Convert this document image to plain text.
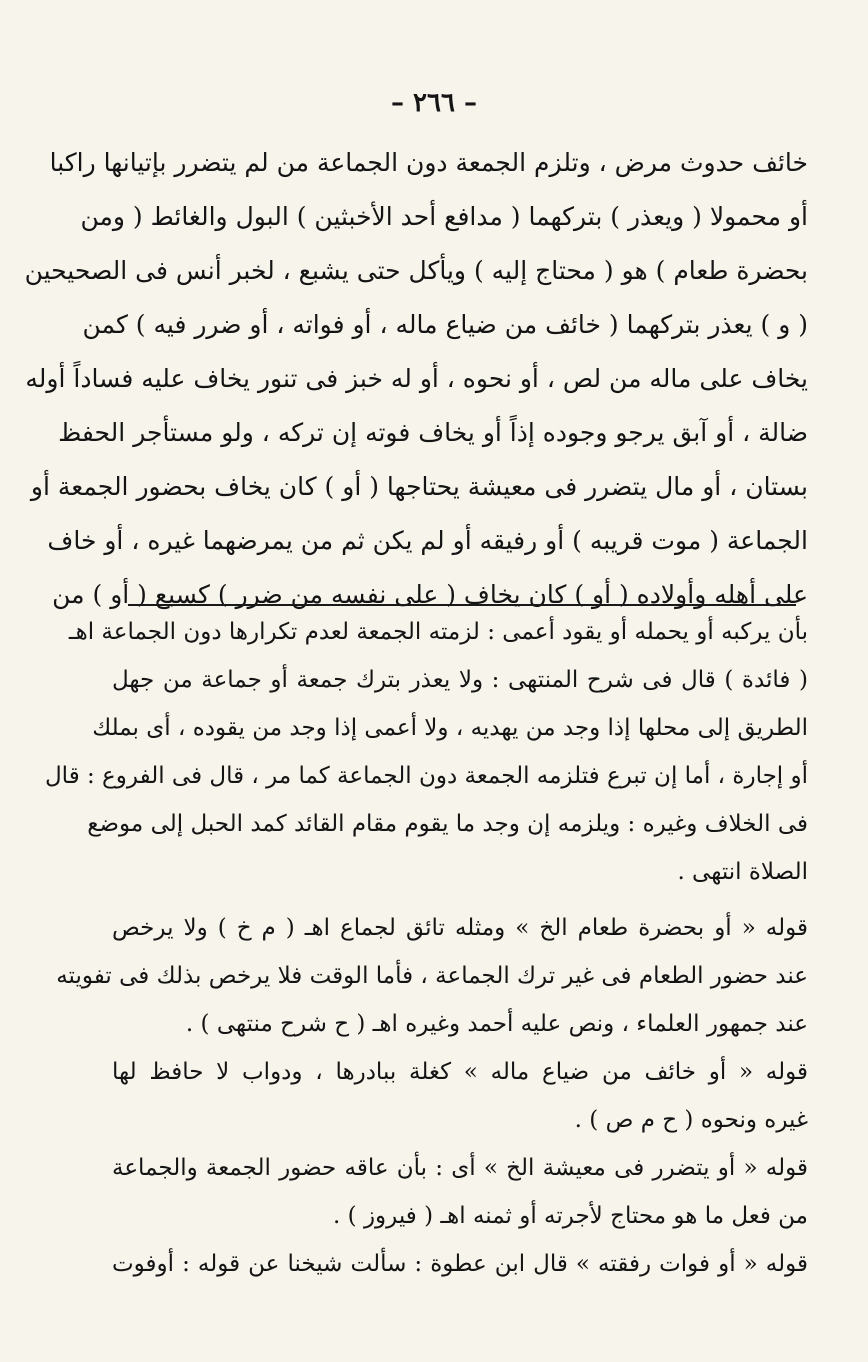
– ٢٦٦ –
خائف حدوث مرض ، وتلزم الجمعة دون الجماعة من لم يتضرر بإتيانها راكبا
أو محمولا ( ويعذر ) بتركهما ( مدافع أحد الأخبثين ) البول والغائط ( ومن
بحضرة طعام ) هو ( محتاج إليه ) ويأكل حتى يشبع ، لخبر أنس فى الصحيحين
( و ) يعذر بتركهما ( خائف من ضياع ماله ، أو فواته ، أو ضرر فيه ) كمن
يخاف على ماله من لص ، أو نحوه ، أو له خبز فى تنور يخاف عليه فساداً أوله
ضالة ، أو آبق يرجو وجوده إذاً أو يخاف فوته إن تركه ، ولو مستأجر الحفظ
بستان ، أو مال يتضرر فى معيشة يحتاجها ( أو ) كان يخاف بحضور الجمعة أو
الجماعة ( موت قريبه ) أو رفيقه أو لم يكن ثم من يمرضهما غيره ، أو خاف
على أهله وأولاده ( أو ) كان يخاف ( على نفسه من ضرر ) كسبع ( أو ) من
بأن يركبه أو يحمله أو يقود أعمى : لزمته الجمعة لعدم تكرارها دون الجماعة اهـ
( فائدة ) قال فى شرح المنتهى : ولا يعذر بترك جمعة أو جماعة من جهل
الطريق إلى محلها إذا وجد من يهديه ، ولا أعمى إذا وجد من يقوده ، أى بملك
أو إجارة ، أما إن تبرع فتلزمه الجمعة دون الجماعة كما مر ، قال فى الفروع : قال
فى الخلاف وغيره : ويلزمه إن وجد ما يقوم مقام القائد كمد الحبل إلى موضع
الصلاة انتهى .
قوله « أو بحضرة طعام الخ » ومثله تائق لجماع اهـ ( م خ ) ولا يرخص
عند حضور الطعام فى غير ترك الجماعة ، فأما الوقت فلا يرخص بذلك فى تفويته
عند جمهور العلماء ، ونص عليه أحمد وغيره اهـ ( ح شرح منتهى ) .
قوله « أو خائف من ضياع ماله » كغلة ببادرها ، ودواب لا حافظ لها
غيره ونحوه ( ح م ص ) .
قوله « أو يتضرر فى معيشة الخ » أى : بأن عاقه حضور الجمعة والجماعة
من فعل ما هو محتاج لأجرته أو ثمنه اهـ ( فيروز ) .
قوله « أو فوات رفقته » قال ابن عطوة : سألت شيخنا عن قوله : أوفوت
